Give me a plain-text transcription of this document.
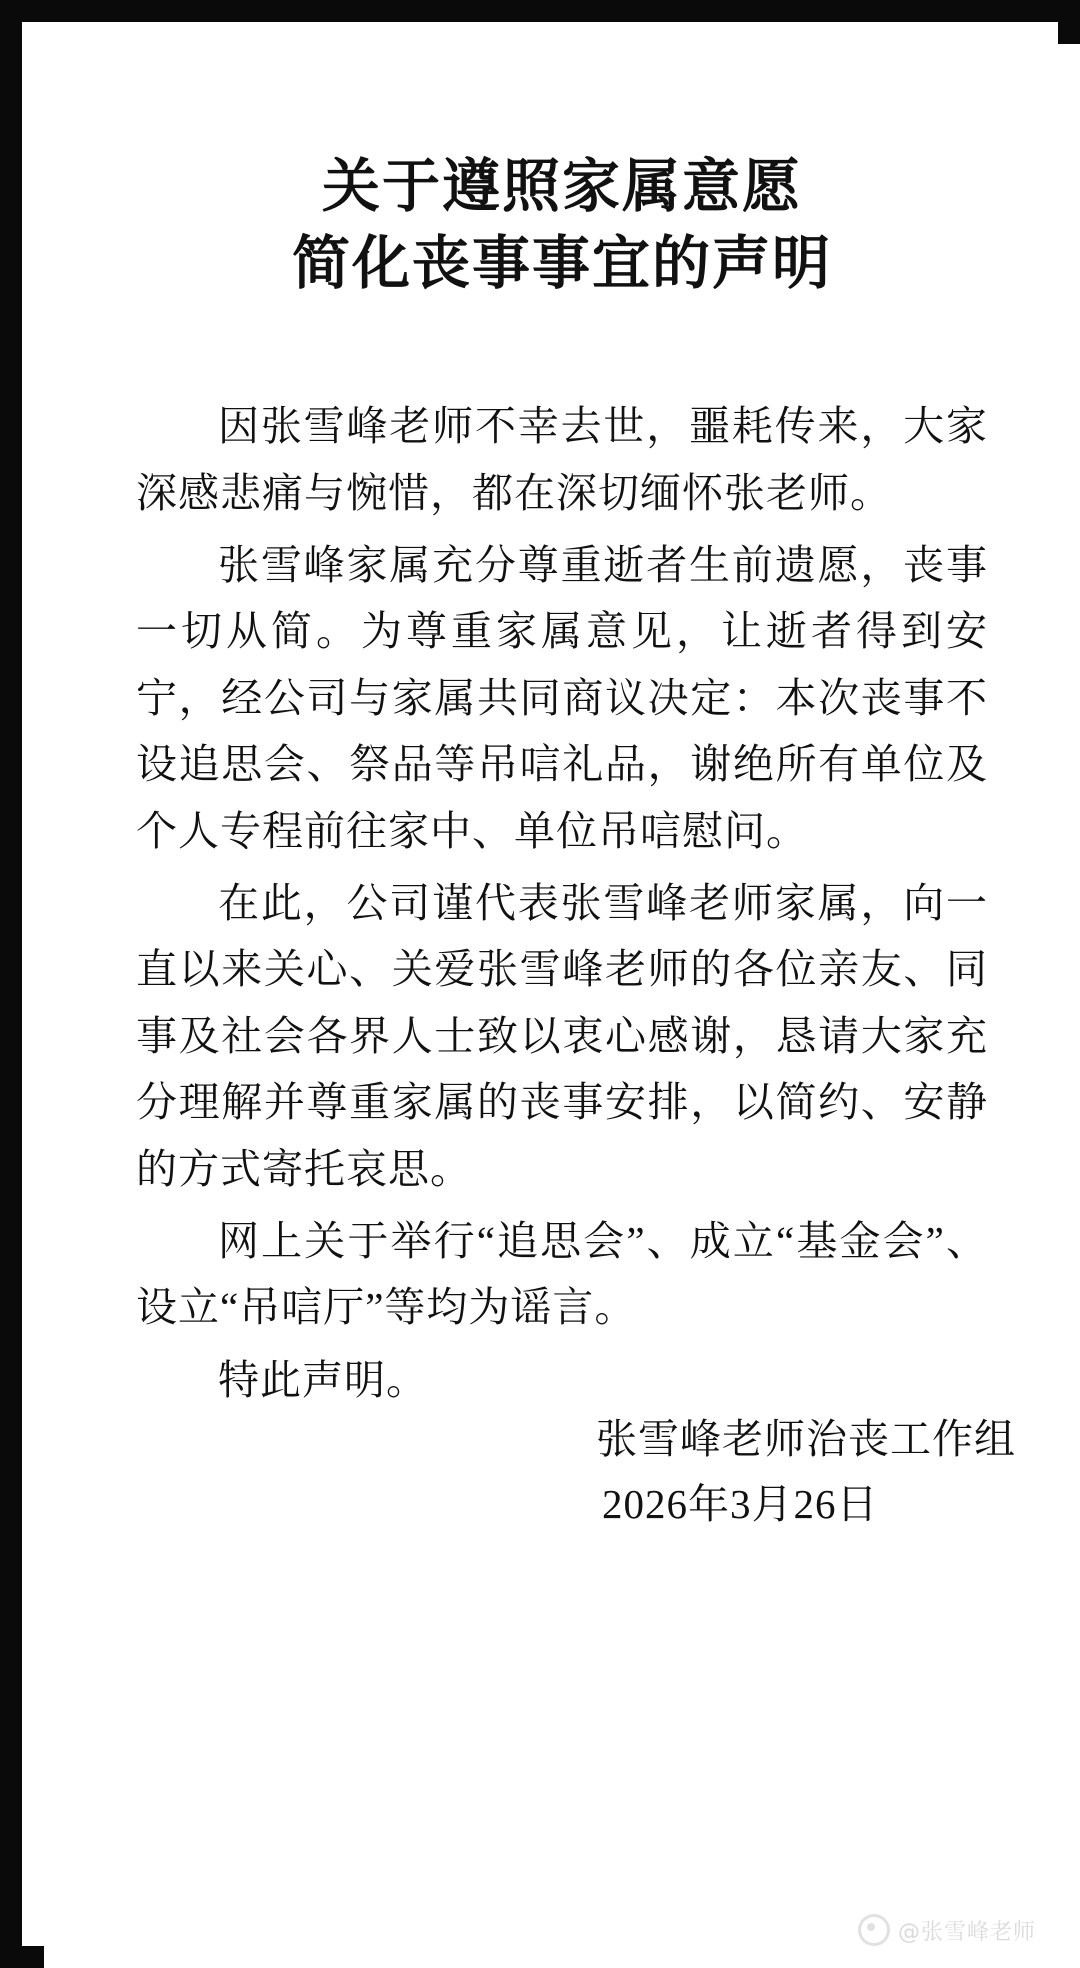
关于遵照家属意愿
简化丧事事宜的声明

因张雪峰老师不幸去世，噩耗传来，大家深感悲痛与惋惜，都在深切缅怀张老师。

张雪峰家属充分尊重逝者生前遗愿，丧事一切从简。为尊重家属意见，让逝者得到安宁，经公司与家属共同商议决定：本次丧事不设追思会、祭品等吊唁礼品，谢绝所有单位及个人专程前往家中、单位吊唁慰问。

在此，公司谨代表张雪峰老师家属，向一直以来关心、关爱张雪峰老师的各位亲友、同事及社会各界人士致以衷心感谢，恳请大家充分理解并尊重家属的丧事安排，以简约、安静的方式寄托哀思。

网上关于举行“追思会”、成立“基金会”、设立“吊唁厅”等均为谣言。

特此声明。

张雪峰老师治丧工作组
2026年3月26日
@张雪峰老师
